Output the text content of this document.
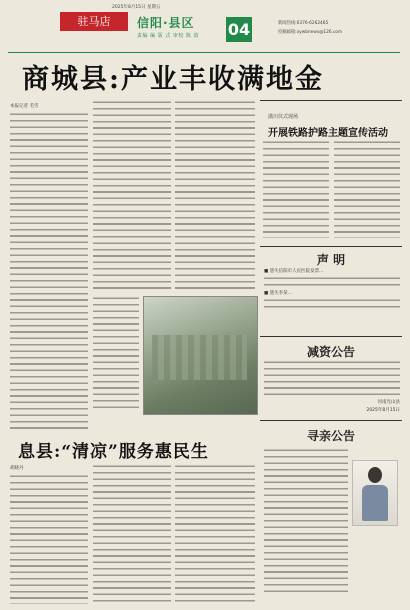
2025年8月15日 星期五
驻马店	信阳·县区
责编 编 版 式 审校 陈 韵 04	新闻热线:0376-6262465
投稿邮箱:xywbnews@126.com
商城县:产业丰收满地金
本报记者 毛雪
潢川仪式现场
开展铁路护路主题宣传活动
声 明
■ 遗失信阳市人民医院发票…
■ 遗失李某…
减资公告
河南光山县
2025年8月15日
寻亲公告
息县:“清凉”服务惠民生
胡晓丹
